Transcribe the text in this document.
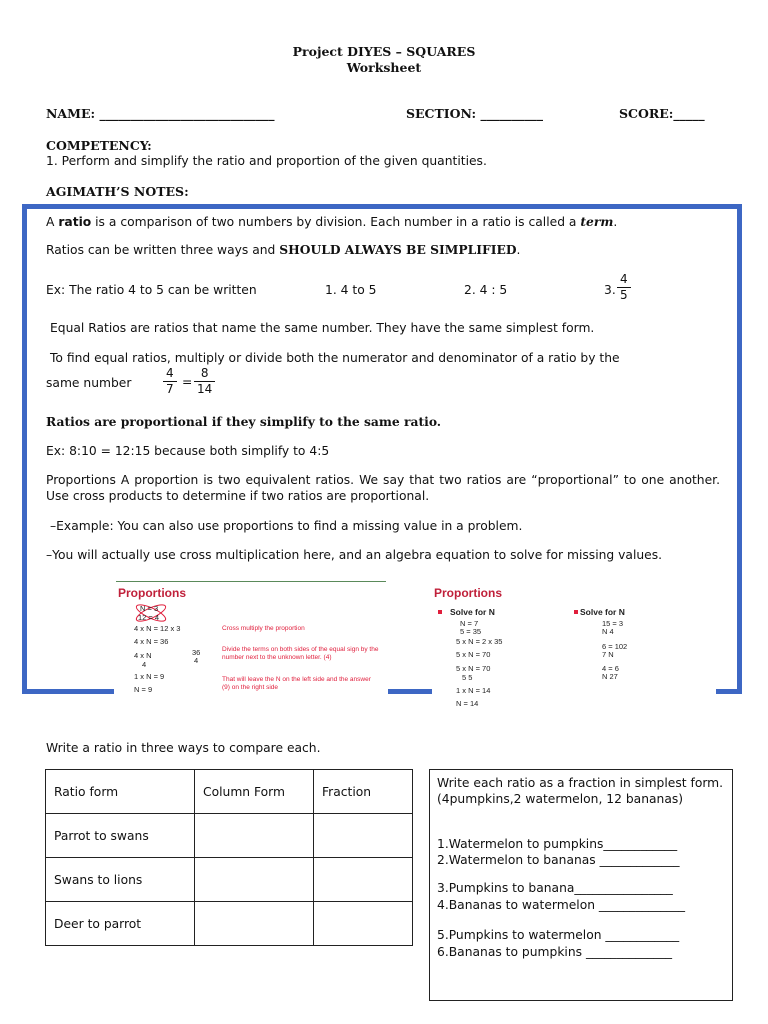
Project DIYES – SQUARES
Worksheet
NAME: ____________________________	SECTION: __________	SCORE:_____
COMPETENCY:
1. Perform and simplify the ratio and proportion of the given quantities.
AGIMATH’S NOTES:
A ratio is a comparison of two numbers by division. Each number in a ratio is called a term.
Ratios can be written three ways and SHOULD ALWAYS BE SIMPLIFIED.
Ex: The ratio 4 to 5 can be written	1. 4 to 5	2. 4 : 5	3.
4
5
Equal Ratios are ratios that name the same number. They have the same simplest form.
To find equal ratios, multiply or divide both the numerator and denominator of a ratio by the
same number
4
7 =
8
14
Ratios are proportional if they simplify to the same ratio.
Ex: 8:10 = 12:15 because both simplify to 4:5
Proportions A proportion is two equivalent ratios. We say that two ratios are “proportional” to one another. Use cross products to determine if two ratios are proportional.
–Example: You can also use proportions to find a missing value in a problem.
–You will actually use cross multiplication here, and an algebra equation to solve for missing values.
Proportions
N = 3
12 = 4
4 x N = 12 x 3	Cross multiply the proportion
4 x N = 36
4 x N	36
4
4
Divide the terms on both sides of the equal sign by the number next to the unknown letter. (4)
1 x N = 9
N = 9
That will leave the N on the left side and the answer (9) on the right side
Proportions
Solve for N	Solve for N
N = 7
5 = 35
5 x N = 2 x 35
5 x N = 70
5 x N = 70
5 5
1 x N = 14
N = 14
15 = 3
N 4
6 = 102
7 N
4 = 6
N 27
Write a ratio in three ways to compare each.
Ratio form	Column Form	Fraction
Parrot to swans		
Swans to lions		
Deer to parrot		
Write each ratio as a fraction in simplest form. (4pumpkins,2 watermelon, 12 bananas)
1.Watermelon to pumpkins____________
2.Watermelon to bananas _____________
3.Pumpkins to banana________________
4.Bananas to watermelon ______________
5.Pumpkins to watermelon ____________
6.Bananas to pumpkins ______________
